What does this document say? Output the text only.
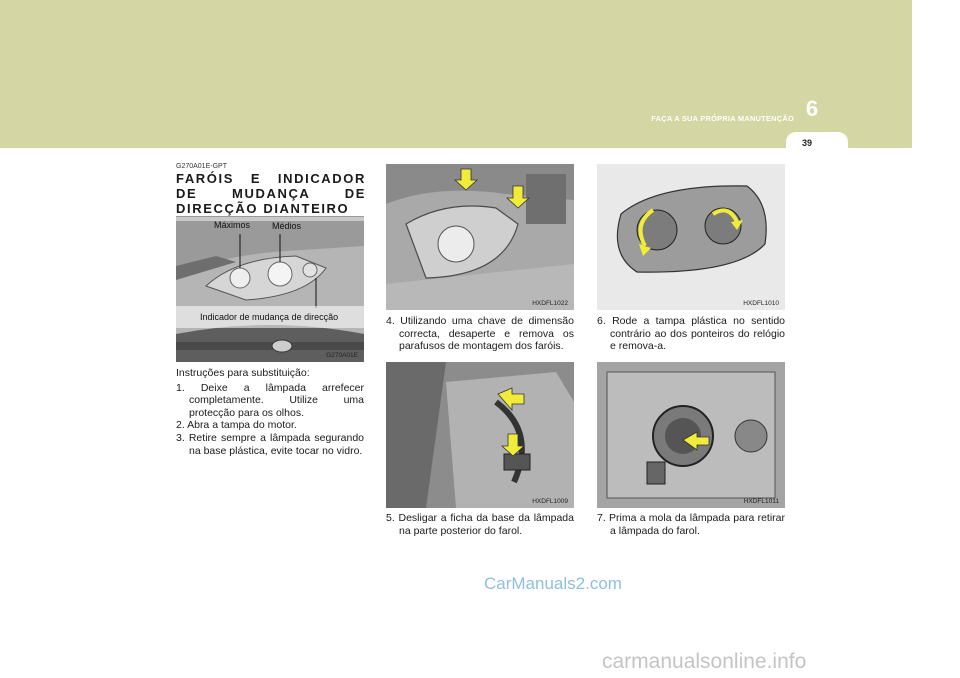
FAÇA A SUA PRÓPRIA MANUTENÇÃO 6
39
G270A01E-GPT
FARÓIS E INDICADOR DE MUDANÇA DE DIRECÇÃO DIANTEIRO
Máximos Médios
Indicador de mudança de direcção
G270A01E

Instruções para substituição:

1. Deixe a lâmpada arrefecer completamente. Utilize uma protecção para os olhos.

2. Abra a tampa do motor.

3. Retire sempre a lâmpada segurando na base plástica, evite tocar no vidro.

HXDFL1022

4. Utilizando uma chave de dimensão correcta, desaperte e remova os parafusos de montagem dos faróis.

HXDFL1009

5. Desligar a ficha da base da lâmpada na parte posterior do farol.

HXDFL1010

6. Rode a tampa plástica no sentido contrário ao dos ponteiros do relógio e remova-a.

HXDFL1011

7. Prima a mola da lâmpada para retirar a lâmpada do farol.

CarManuals2.com
carmanualsonline.info
